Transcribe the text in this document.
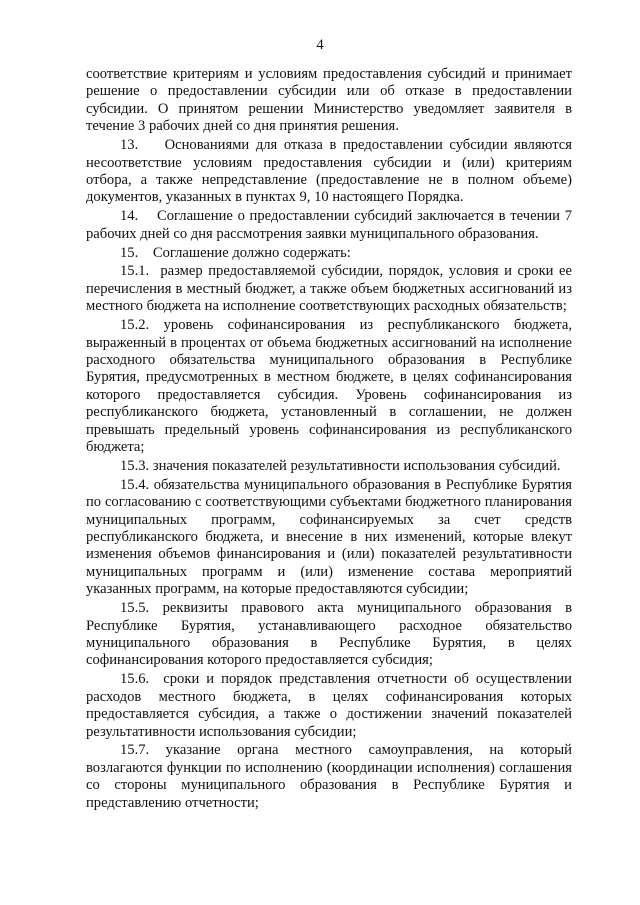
4

соответствие критериям и условиям предоставления субсидий и принимает решение о предоставлении субсидии или об отказе в предоставлении субсидии. О принятом решении Министерство уведомляет заявителя в течение 3 рабочих дней со дня принятия решения.

13.    Основаниями для отказа в предоставлении субсидии являются несоответствие условиям предоставления субсидии и (или) критериям отбора, а также непредставление (предоставление не в полном объеме) документов, указанных в пунктах 9, 10 настоящего Порядка.

14.    Соглашение о предоставлении субсидий заключается в течении 7 рабочих дней со дня рассмотрения заявки муниципального образования.

15.    Соглашение должно содержать:

15.1.  размер предоставляемой субсидии, порядок, условия и сроки ее перечисления в местный бюджет, а также объем бюджетных ассигнований из местного бюджета на исполнение соответствующих расходных обязательств;

15.2. уровень софинансирования из республиканского бюджета, выраженный в процентах от объема бюджетных ассигнований на исполнение расходного обязательства муниципального образования в Республике Бурятия, предусмотренных в местном бюджете, в целях софинансирования которого предоставляется субсидия. Уровень софинансирования из республиканского бюджета, установленный в соглашении, не должен превышать предельный уровень софинансирования из республиканского бюджета;

15.3. значения показателей результативности использования субсидий.

15.4. обязательства муниципального образования в Республике Бурятия по согласованию с соответствующими субъектами бюджетного планирования муниципальных программ, софинансируемых за счет средств республиканского бюджета, и внесение в них изменений, которые влекут изменения объемов финансирования и (или) показателей результативности муниципальных программ и (или) изменение состава мероприятий указанных программ, на которые предоставляются субсидии;

15.5. реквизиты правового акта муниципального образования в Республике Бурятия, устанавливающего расходное обязательство муниципального образования в Республике Бурятия, в целях софинансирования которого предоставляется субсидия;

15.6.  сроки и порядок представления отчетности об осуществлении расходов местного бюджета, в целях софинансирования которых предоставляется субсидия, а также о достижении значений показателей результативности использования субсидии;

15.7. указание органа местного самоуправления, на который возлагаются функции по исполнению (координации исполнения) соглашения со стороны муниципального образования в Республике Бурятия и представлению отчетности;
